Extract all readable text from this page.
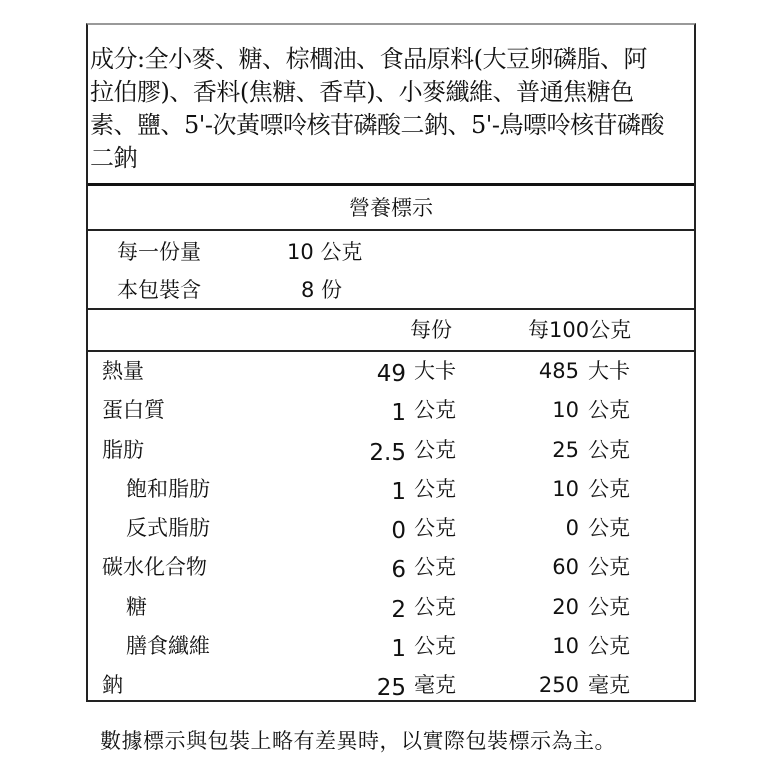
成分:全小麥、糖、棕櫚油、食品原料(大豆卵磷脂、阿
拉伯膠)、香料(焦糖、香草)、小麥纖維、普通焦糖色
素、鹽、5'-次黃嘌呤核苷磷酸二鈉、5'-鳥嘌呤核苷磷酸
二鈉
營養標示
每一份量	10 公克
本包裝含	8 份
每份	每100公克
熱量	49 大卡	485 大卡
蛋白質	1 公克	10 公克
脂肪	2.5 公克	25 公克
飽和脂肪	1 公克	10 公克
反式脂肪	0 公克	0 公克
碳水化合物	6 公克	60 公克
糖	2 公克	20 公克
膳食纖維	1 公克	10 公克
鈉	25 毫克	250 毫克
數據標示與包裝上略有差異時，以實際包裝標示為主。
